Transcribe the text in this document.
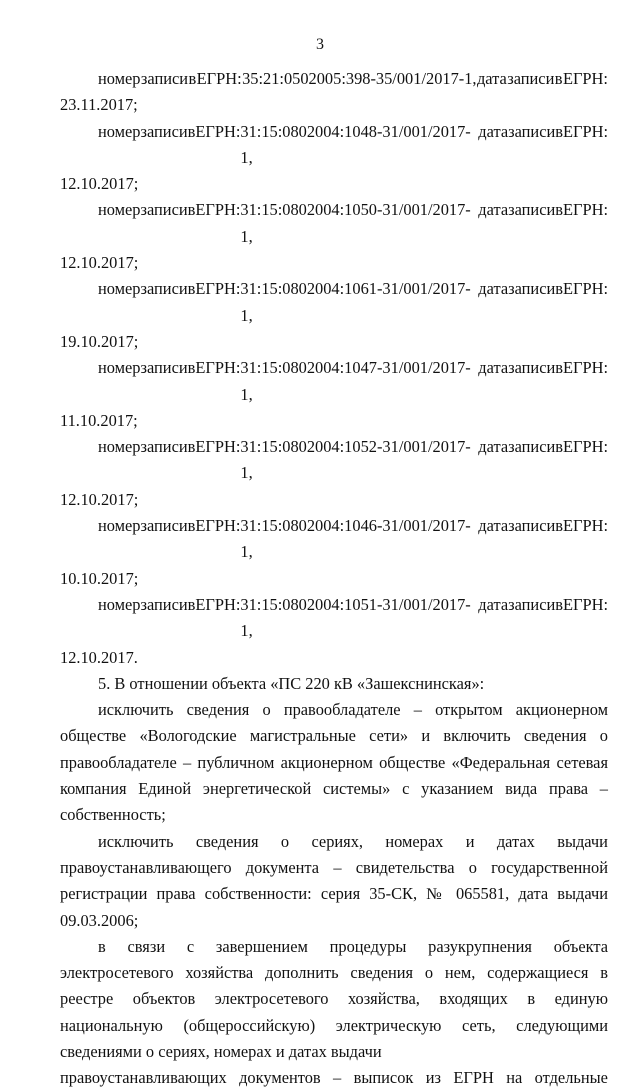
3
номер записи в ЕГРН: 35:21:0502005:398-35/001/2017-1, дата записи в ЕГРН:
23.11.2017;
номер записи в ЕГРН: 31:15:0802004:1048-31/001/2017-1,
дата записи в ЕГРН:
12.10.2017;
номер записи в ЕГРН: 31:15:0802004:1050-31/001/2017-1,
дата записи в ЕГРН:
12.10.2017;
номер записи в ЕГРН: 31:15:0802004:1061-31/001/2017-1,
дата записи в ЕГРН:
19.10.2017;
номер записи в ЕГРН: 31:15:0802004:1047-31/001/2017-1,
дата записи в ЕГРН:
11.10.2017;
номер записи в ЕГРН: 31:15:0802004:1052-31/001/2017-1,
дата записи в ЕГРН:
12.10.2017;
номер записи в ЕГРН: 31:15:0802004:1046-31/001/2017-1,
дата записи в ЕГРН:
10.10.2017;
номер записи в ЕГРН: 31:15:0802004:1051-31/001/2017-1,
дата записи в ЕГРН:
12.10.2017.

5. В отношении объекта «ПС 220 кВ «Зашекснинская»:

исключить сведения о правообладателе – открытом акционерном обществе «Вологодские магистральные сети» и включить сведения о правообладателе – публичном акционерном обществе «Федеральная сетевая компания Единой энергетической системы» с указанием вида права – собственность;

исключить сведения о сериях, номерах и датах выдачи

правоустанавливающего документа – свидетельства о государственной регистрации права собственности: серия 35-СК, № 065581, дата выдачи 09.03.2006;

в связи с завершением процедуры разукрупнения объекта электросетевого хозяйства дополнить сведения о нем, содержащиеся в реестре объектов электросетевого хозяйства, входящих в единую национальную (общероссийскую) электрическую сеть, следующими сведениями о сериях, номерах и датах выдачи

правоустанавливающих документов – выписок из ЕГРН на отдельные
